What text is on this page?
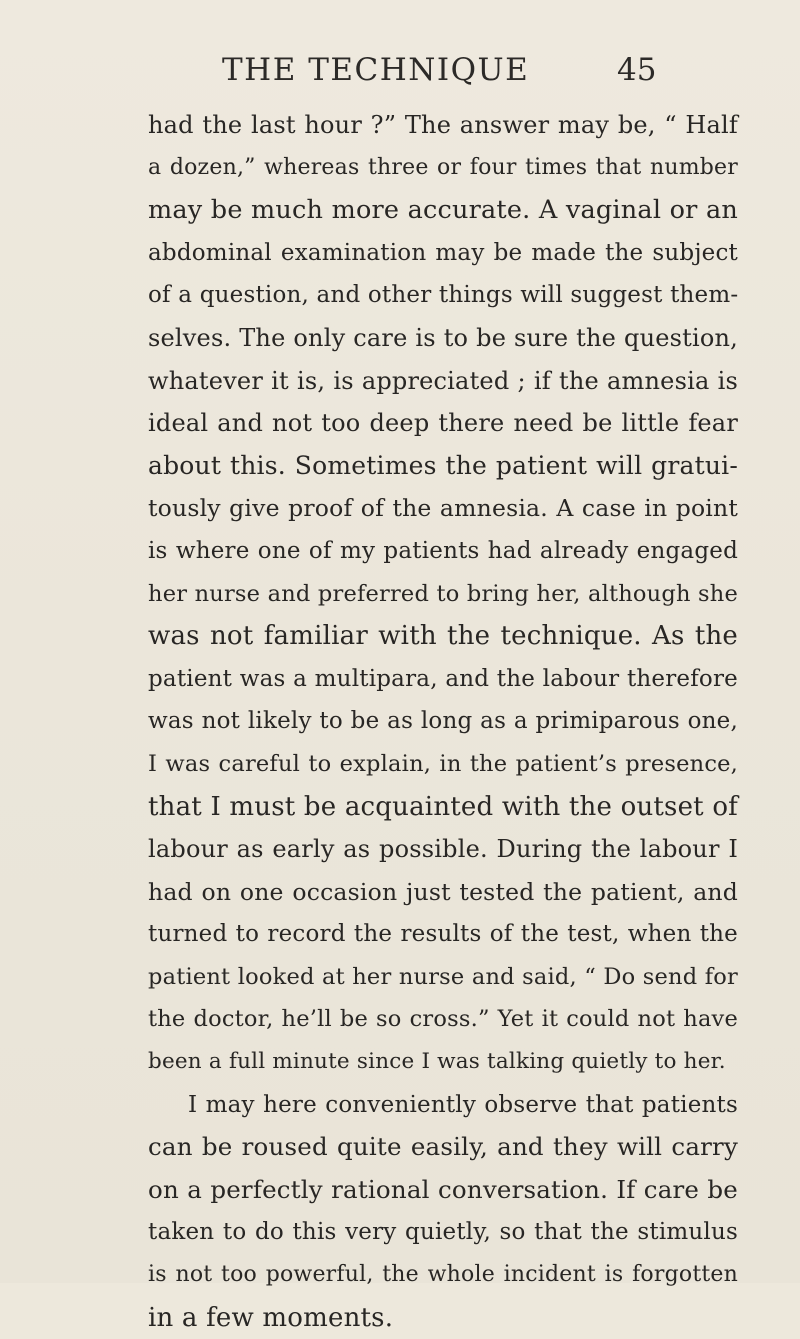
THE TECHNIQUE	45
had the last hour ?” The answer may be, “ Half
a dozen,” whereas three or four times that number
may be much more accurate. A vaginal or an
abdominal examination may be made the subject
of a question, and other things will suggest them-
selves. The only care is to be sure the question,
whatever it is, is appreciated ; if the amnesia is
ideal and not too deep there need be little fear
about this. Sometimes the patient will gratui-
tously give proof of the amnesia. A case in point
is where one of my patients had already engaged
her nurse and preferred to bring her, although she
was not familiar with the technique. As the
patient was a multipara, and the labour therefore
was not likely to be as long as a primiparous one,
I was careful to explain, in the patient’s presence,
that I must be acquainted with the outset of
labour as early as possible. During the labour I
had on one occasion just tested the patient, and
turned to record the results of the test, when the
patient looked at her nurse and said, “ Do send for
the doctor, he’ll be so cross.” Yet it could not have
been a full minute since I was talking quietly to her.
I may here conveniently observe that patients
can be roused quite easily, and they will carry
on a perfectly rational conversation. If care be
taken to do this very quietly, so that the stimulus
is not too powerful, the whole incident is forgotten
in a few moments.
